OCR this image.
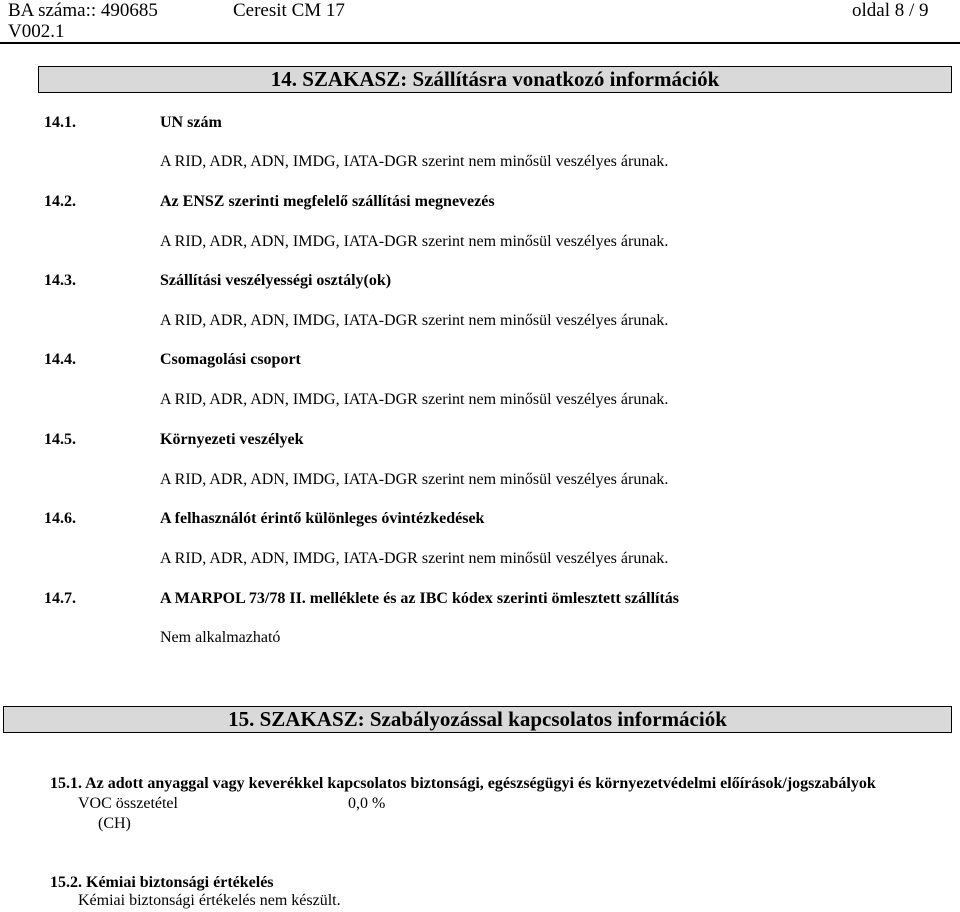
BA száma:: 490685
V002.1
Ceresit CM 17	oldal 8 / 9
14. SZAKASZ: Szállításra vonatkozó információk
14.1.	UN szám
A RID, ADR, ADN, IMDG, IATA-DGR szerint nem minősül veszélyes árunak.
14.2.	Az ENSZ szerinti megfelelő szállítási megnevezés
A RID, ADR, ADN, IMDG, IATA-DGR szerint nem minősül veszélyes árunak.
14.3.	Szállítási veszélyességi osztály(ok)
A RID, ADR, ADN, IMDG, IATA-DGR szerint nem minősül veszélyes árunak.
14.4.	Csomagolási csoport
A RID, ADR, ADN, IMDG, IATA-DGR szerint nem minősül veszélyes árunak.
14.5.	Környezeti veszélyek
A RID, ADR, ADN, IMDG, IATA-DGR szerint nem minősül veszélyes árunak.
14.6.	A felhasználót érintő különleges óvintézkedések
A RID, ADR, ADN, IMDG, IATA-DGR szerint nem minősül veszélyes árunak.
14.7.	A MARPOL 73/78 II. melléklete és az IBC kódex szerinti ömlesztett szállítás
Nem alkalmazható
15. SZAKASZ: Szabályozással kapcsolatos információk
15.1. Az adott anyaggal vagy keverékkel kapcsolatos biztonsági, egészségügyi és környezetvédelmi előírások/jogszabályok
VOC összetétel	0,0 %
(CH)
15.2. Kémiai biztonsági értékelés
Kémiai biztonsági értékelés nem készült.
